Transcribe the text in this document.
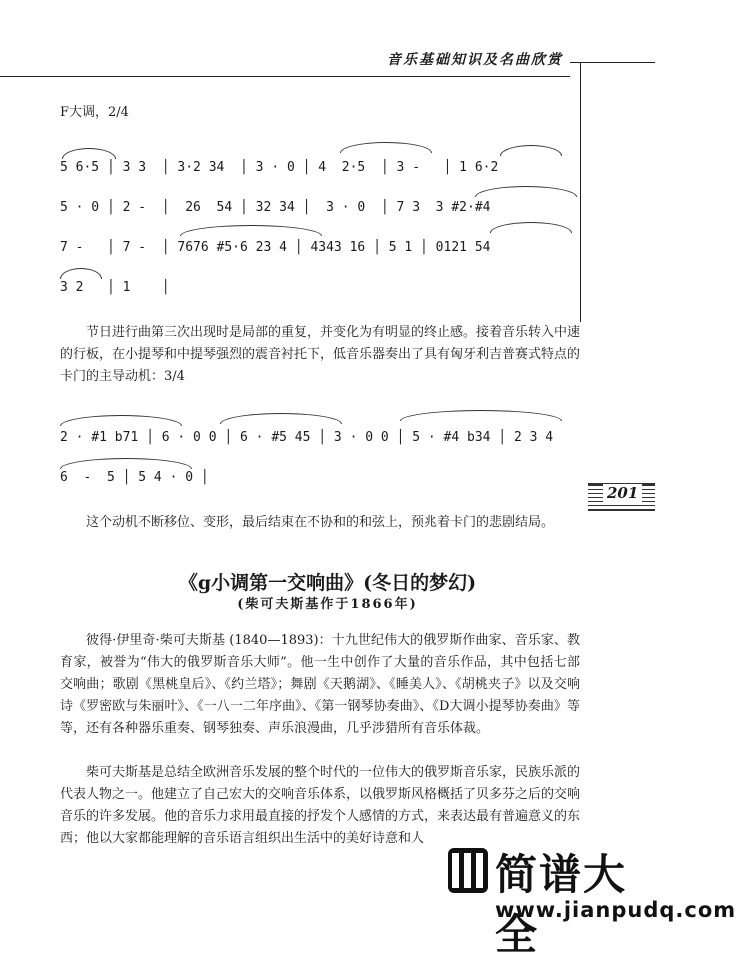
音乐基础知识及名曲欣赏
F大调，2/4
5 6·5 │ 3 3  │ 3·2 34  │ 3 · 0 │ 4  2·5  │ 3 -   │ 1 6·2
5 · 0 │ 2 -  │  26  54 │ 32 34 │  3 · 0  │ 7 3  3 #2·#4
7 -   │ 7 -  │ 7676 #5·6 23 4 │ 4343 16 │ 5 1 │ 0121 54
3 2   │ 1    │
节日进行曲第三次出现时是局部的重复，并变化为有明显的终止感。接着音乐转入中速的行板，在小提琴和中提琴强烈的震音衬托下，低音乐器奏出了具有匈牙利吉普赛式特点的卡门的主导动机：3/4
2 · #1 b71 │ 6 · 0 0 │ 6 · #5 45 │ 3 · 0 0 │ 5 · #4 b34 │ 2 3 4
6  -  5 │ 5 4 · 0 │
201
这个动机不断移位、变形，最后结束在不协和的和弦上，预兆着卡门的悲剧结局。
《g小调第一交响曲》(冬日的梦幻)
(柴可夫斯基作于1866年)
彼得·伊里奇·柴可夫斯基 (1840—1893)：十九世纪伟大的俄罗斯作曲家、音乐家、教育家，被誉为“伟大的俄罗斯音乐大师”。他一生中创作了大量的音乐作品，其中包括七部交响曲；歌剧《黑桃皇后》、《约兰塔》；舞剧《天鹅湖》、《睡美人》、《胡桃夹子》以及交响诗《罗密欧与朱丽叶》、《一八一二年序曲》、《第一钢琴协奏曲》、《D大调小提琴协奏曲》等等，还有各种器乐重奏、钢琴独奏、声乐浪漫曲，几乎涉猎所有音乐体裁。
柴可夫斯基是总结全欧洲音乐发展的整个时代的一位伟大的俄罗斯音乐家，民族乐派的代表人物之一。他建立了自己宏大的交响音乐体系，以俄罗斯风格概括了贝多芬之后的交响音乐的许多发展。他的音乐力求用最直接的抒发个人感情的方式，来表达最有普遍意义的东西；他以大家都能理解的音乐语言组织出生活中的美好诗意和人
简谱大全
www.jianpudq.com
